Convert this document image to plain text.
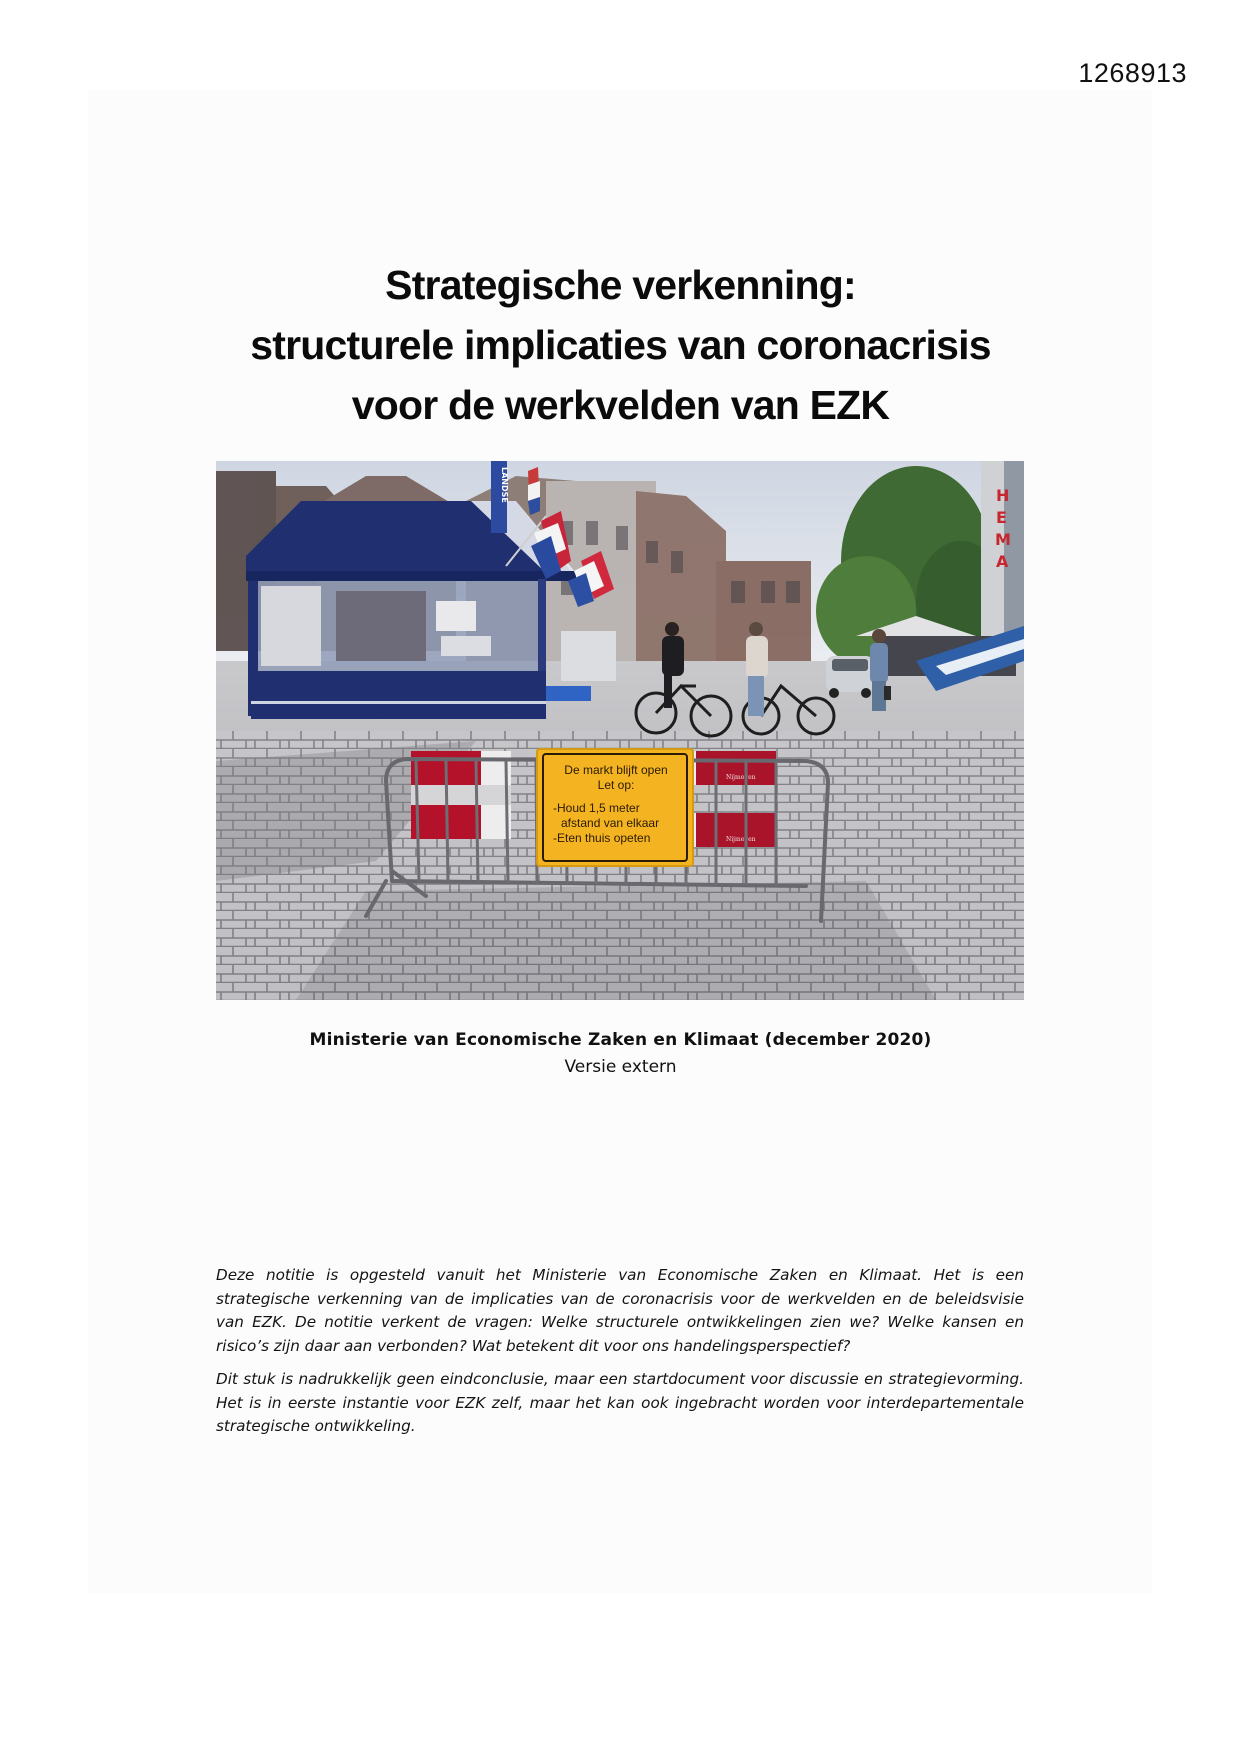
1268913
Strategische verkenning:
structurele implicaties van coronacrisis
voor de werkvelden van EZK
H
E
M
A
LANDSE
Nijmegen
Nijmegen
De markt blijft open
Let op:
-Houd 1,5 meter
afstand van elkaar
-Eten thuis opeten
Ministerie van Economische Zaken en Klimaat (december 2020)
Versie extern

Deze notitie is opgesteld vanuit het Ministerie van Economische Zaken en Klimaat. Het is een strategische verkenning van de implicaties van de coronacrisis voor de werkvelden en de beleidsvisie van EZK. De notitie verkent de vragen: Welke structurele ontwikkelingen zien we? Welke kansen en risico’s zijn daar aan verbonden? Wat betekent dit voor ons handelingsperspectief?

Dit stuk is nadrukkelijk geen eindconclusie, maar een startdocument voor discussie en strategievorming. Het is in eerste instantie voor EZK zelf, maar het kan ook ingebracht worden voor interdepartementale strategische ontwikkeling.
